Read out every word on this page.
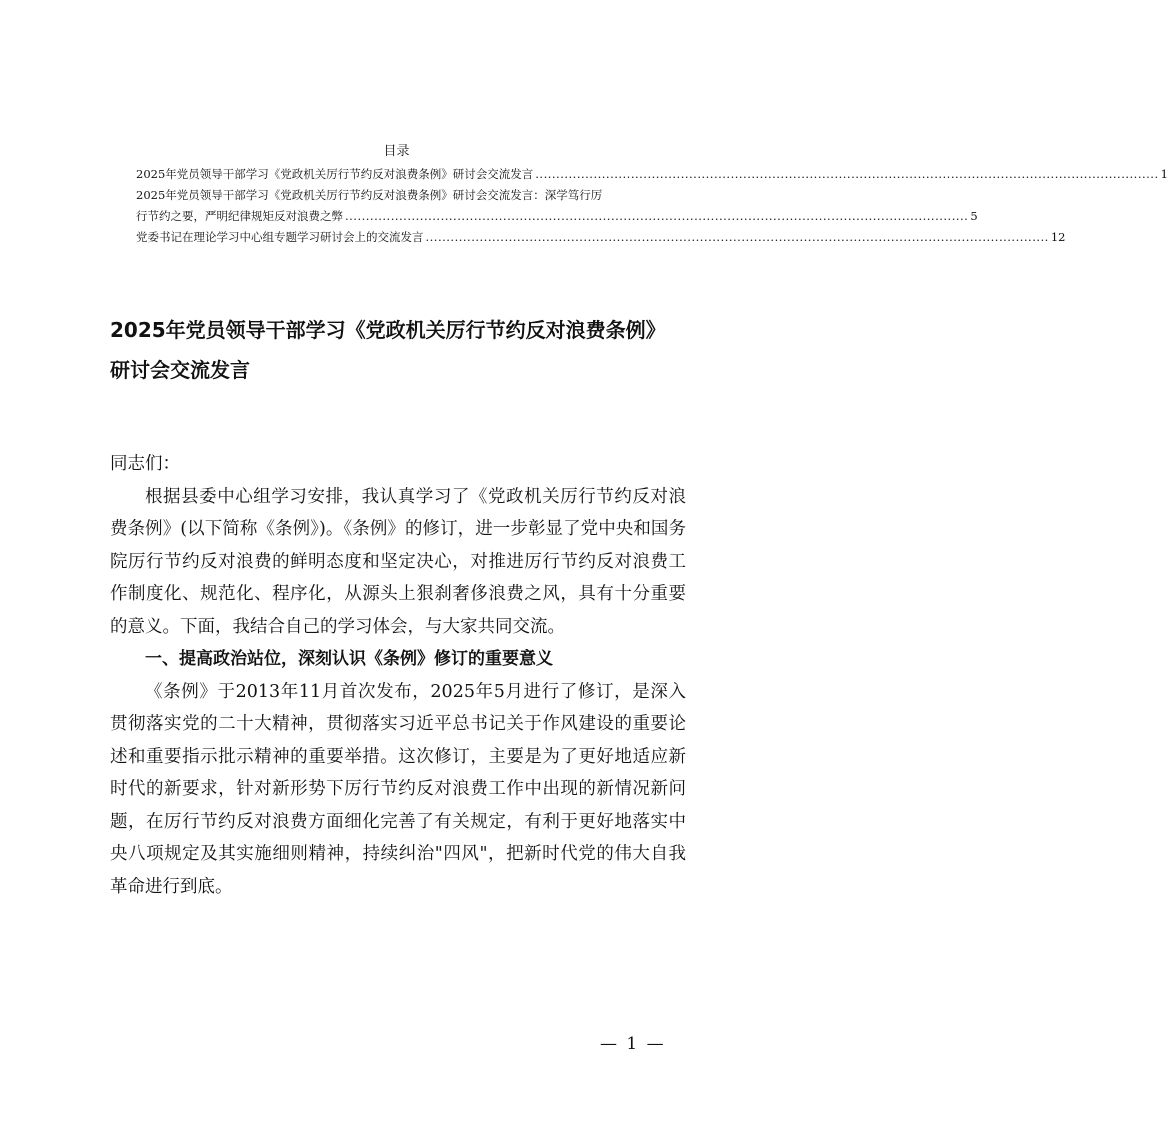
目录
2025年党员领导干部学习《党政机关厉行节约反对浪费条例》研讨会交流发言 ...................................................................................................................................................... 1
2025年党员领导干部学习《党政机关厉行节约反对浪费条例》研讨会交流发言：深学笃行厉
行节约之要，严明纪律规矩反对浪费之弊 ...................................................................................................................................................... 5
党委书记在理论学习中心组专题学习研讨会上的交流发言 ...................................................................................................................................................... 12
2025年党员领导干部学习《党政机关厉行节约反对浪费条例》
研讨会交流发言

同志们：

根据县委中心组学习安排，我认真学习了《党政机关厉行节约反对浪费条例》(以下简称《条例》)。《条例》的修订，进一步彰显了党中央和国务院厉行节约反对浪费的鲜明态度和坚定决心，对推进厉行节约反对浪费工作制度化、规范化、程序化，从源头上狠刹奢侈浪费之风，具有十分重要的意义。下面，我结合自己的学习体会，与大家共同交流。

一、提高政治站位，深刻认识《条例》修订的重要意义

《条例》于2013年11月首次发布，2025年5月进行了修订，是深入贯彻落实党的二十大精神，贯彻落实习近平总书记关于作风建设的重要论述和重要指示批示精神的重要举措。这次修订，主要是为了更好地适应新时代的新要求，针对新形势下厉行节约反对浪费工作中出现的新情况新问题，在厉行节约反对浪费方面细化完善了有关规定，有利于更好地落实中央八项规定及其实施细则精神，持续纠治"四风"，把新时代党的伟大自我革命进行到底。

— 1 —
